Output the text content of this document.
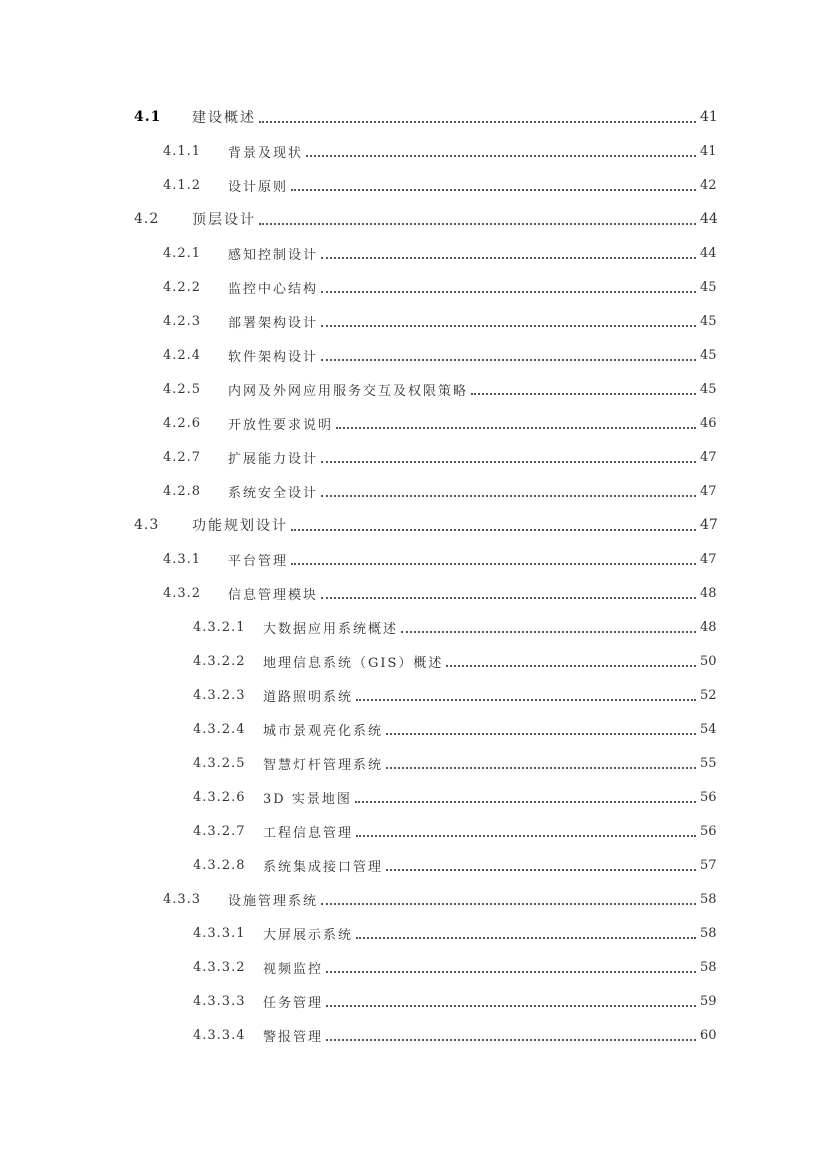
4.1	建设概述	41
4.1.1	背景及现状	41
4.1.2	设计原则	42
4.2	顶层设计	44
4.2.1	感知控制设计	44
4.2.2	监控中心结构	45
4.2.3	部署架构设计	45
4.2.4	软件架构设计	45
4.2.5	内网及外网应用服务交互及权限策略	45
4.2.6	开放性要求说明	46
4.2.7	扩展能力设计	47
4.2.8	系统安全设计	47
4.3	功能规划设计	47
4.3.1	平台管理	47
4.3.2	信息管理模块	48
4.3.2.1	大数据应用系统概述	48
4.3.2.2	地理信息系统（GIS）概述	50
4.3.2.3	道路照明系统	52
4.3.2.4	城市景观亮化系统	54
4.3.2.5	智慧灯杆管理系统	55
4.3.2.6	3D 实景地图	56
4.3.2.7	工程信息管理	56
4.3.2.8	系统集成接口管理	57
4.3.3	设施管理系统	58
4.3.3.1	大屏展示系统	58
4.3.3.2	视频监控	58
4.3.3.3	任务管理	59
4.3.3.4	警报管理	60
